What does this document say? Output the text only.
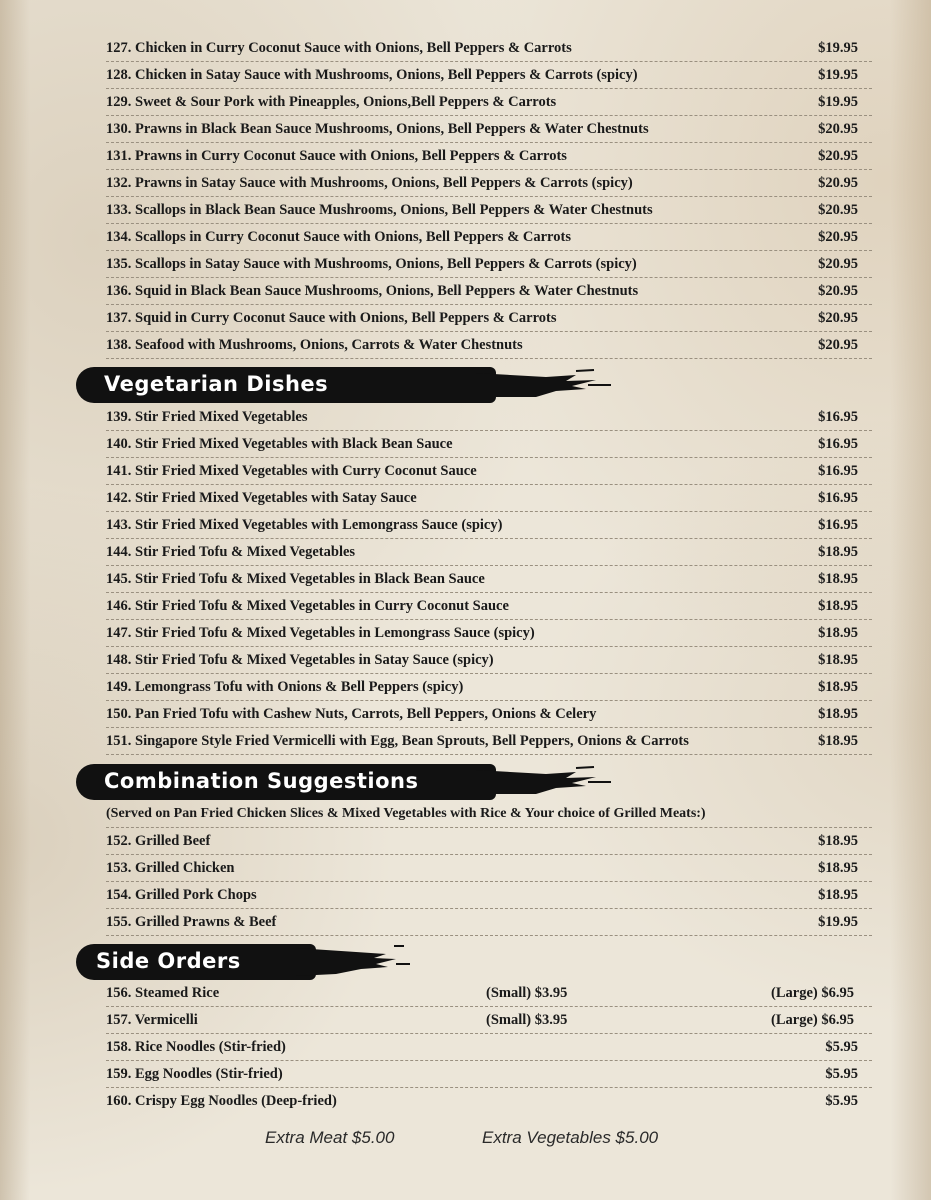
127. Chicken in Curry Coconut Sauce with Onions, Bell Peppers & Carrots	$19.95
128. Chicken in Satay Sauce with Mushrooms, Onions, Bell Peppers & Carrots (spicy)	$19.95
129. Sweet & Sour Pork with Pineapples, Onions,Bell Peppers & Carrots	$19.95
130. Prawns in Black Bean Sauce Mushrooms, Onions, Bell Peppers & Water Chestnuts	$20.95
131. Prawns in Curry Coconut Sauce with Onions, Bell Peppers & Carrots	$20.95
132. Prawns in Satay Sauce with Mushrooms, Onions, Bell Peppers & Carrots (spicy)	$20.95
133. Scallops in Black Bean Sauce Mushrooms, Onions, Bell Peppers & Water Chestnuts	$20.95
134. Scallops in Curry Coconut Sauce with Onions, Bell Peppers & Carrots	$20.95
135. Scallops in Satay Sauce with Mushrooms, Onions, Bell Peppers & Carrots (spicy)	$20.95
136. Squid in Black Bean Sauce Mushrooms, Onions, Bell Peppers & Water Chestnuts	$20.95
137. Squid in Curry Coconut Sauce with Onions, Bell Peppers & Carrots	$20.95
138. Seafood with Mushrooms, Onions, Carrots & Water Chestnuts	$20.95
Vegetarian Dishes
139. Stir Fried Mixed Vegetables	$16.95
140. Stir Fried Mixed Vegetables with Black Bean Sauce	$16.95
141. Stir Fried Mixed Vegetables with Curry Coconut Sauce	$16.95
142. Stir Fried Mixed Vegetables with Satay Sauce	$16.95
143. Stir Fried Mixed Vegetables with Lemongrass Sauce (spicy)	$16.95
144. Stir Fried Tofu & Mixed Vegetables	$18.95
145. Stir Fried Tofu & Mixed Vegetables in Black Bean Sauce	$18.95
146. Stir Fried Tofu & Mixed Vegetables in Curry Coconut Sauce	$18.95
147. Stir Fried Tofu & Mixed Vegetables in Lemongrass Sauce (spicy)	$18.95
148. Stir Fried Tofu & Mixed Vegetables in Satay Sauce (spicy)	$18.95
149. Lemongrass Tofu with Onions & Bell Peppers (spicy)	$18.95
150. Pan Fried Tofu with Cashew Nuts, Carrots, Bell Peppers, Onions & Celery	$18.95
151. Singapore Style Fried Vermicelli with Egg, Bean Sprouts, Bell Peppers, Onions & Carrots	$18.95
Combination Suggestions
(Served on Pan Fried Chicken Slices & Mixed Vegetables with Rice & Your choice of Grilled Meats:)
152. Grilled Beef	$18.95
153. Grilled Chicken	$18.95
154. Grilled Pork Chops	$18.95
155. Grilled Prawns & Beef	$19.95
Side Orders
156. Steamed Rice	(Small) $3.95	(Large) $6.95
157. Vermicelli	(Small) $3.95	(Large) $6.95
158. Rice Noodles (Stir-fried)	$5.95
159. Egg Noodles (Stir-fried)	$5.95
160. Crispy Egg Noodles (Deep-fried)	$5.95
Extra Meat $5.00	Extra Vegetables $5.00
